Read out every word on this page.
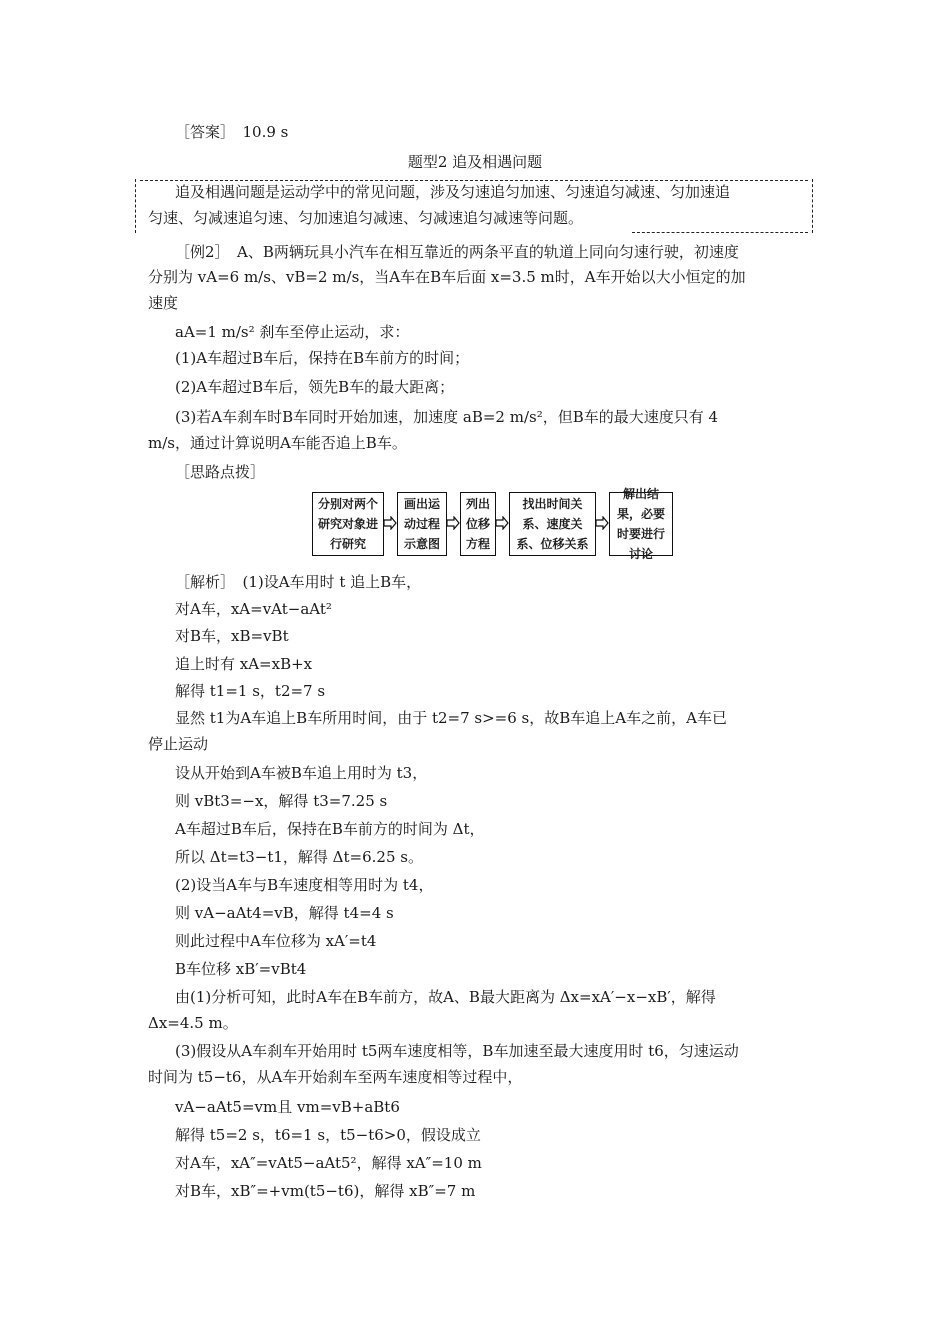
［答案］　10.9 s
题型2 追及相遇问题
追及相遇问题是运动学中的常见问题，涉及匀速追匀加速、匀速追匀减速、匀加速追
匀速、匀减速追匀速、匀加速追匀减速、匀减速追匀减速等问题。
［例2］　A、B两辆玩具小汽车在相互靠近的两条平直的轨道上同向匀速行驶，初速度
分别为 vA=6 m/s、vB=2 m/s，当A车在B车后面 x=3.5 m时，A车开始以大小恒定的加
速度
aA=1 m/s² 刹车至停止运动，求：
(1)A车超过B车后，保持在B车前方的时间；
(2)A车超过B车后，领先B车的最大距离；
(3)若A车刹车时B车同时开始加速，加速度 aB=2 m/s²，但B车的最大速度只有 4
m/s，通过计算说明A车能否追上B车。
［思路点拨］
分别对两个研究对象进行研究
画出运动过程示意图
列出位移方程
找出时间关系、速度关系、位移关系
解出结果，必要时要进行讨论
［解析］　(1)设A车用时 t 追上B车，
对A车，xA=vAt−aAt²
对B车，xB=vBt
追上时有 xA=xB+x
解得 t1=1 s，t2=7 s
显然 t1为A车追上B车所用时间，由于 t2=7 s>=6 s，故B车追上A车之前，A车已
停止运动
设从开始到A车被B车追上用时为 t3，
则 vBt3=−x，解得 t3=7.25 s
A车超过B车后，保持在B车前方的时间为 Δt，
所以 Δt=t3−t1，解得 Δt=6.25 s。
(2)设当A车与B车速度相等用时为 t4，
则 vA−aAt4=vB，解得 t4=4 s
则此过程中A车位移为 xA′=t4
B车位移 xB′=vBt4
由(1)分析可知，此时A车在B车前方，故A、B最大距离为 Δx=xA′−x−xB′，解得
Δx=4.5 m。
(3)假设从A车刹车开始用时 t5两车速度相等，B车加速至最大速度用时 t6，匀速运动
时间为 t5−t6，从A车开始刹车至两车速度相等过程中，
vA−aAt5=vm且 vm=vB+aBt6
解得 t5=2 s，t6=1 s，t5−t6>0，假设成立
对A车，xA″=vAt5−aAt5²，解得 xA″=10 m
对B车，xB″=+vm(t5−t6)，解得 xB″=7 m
